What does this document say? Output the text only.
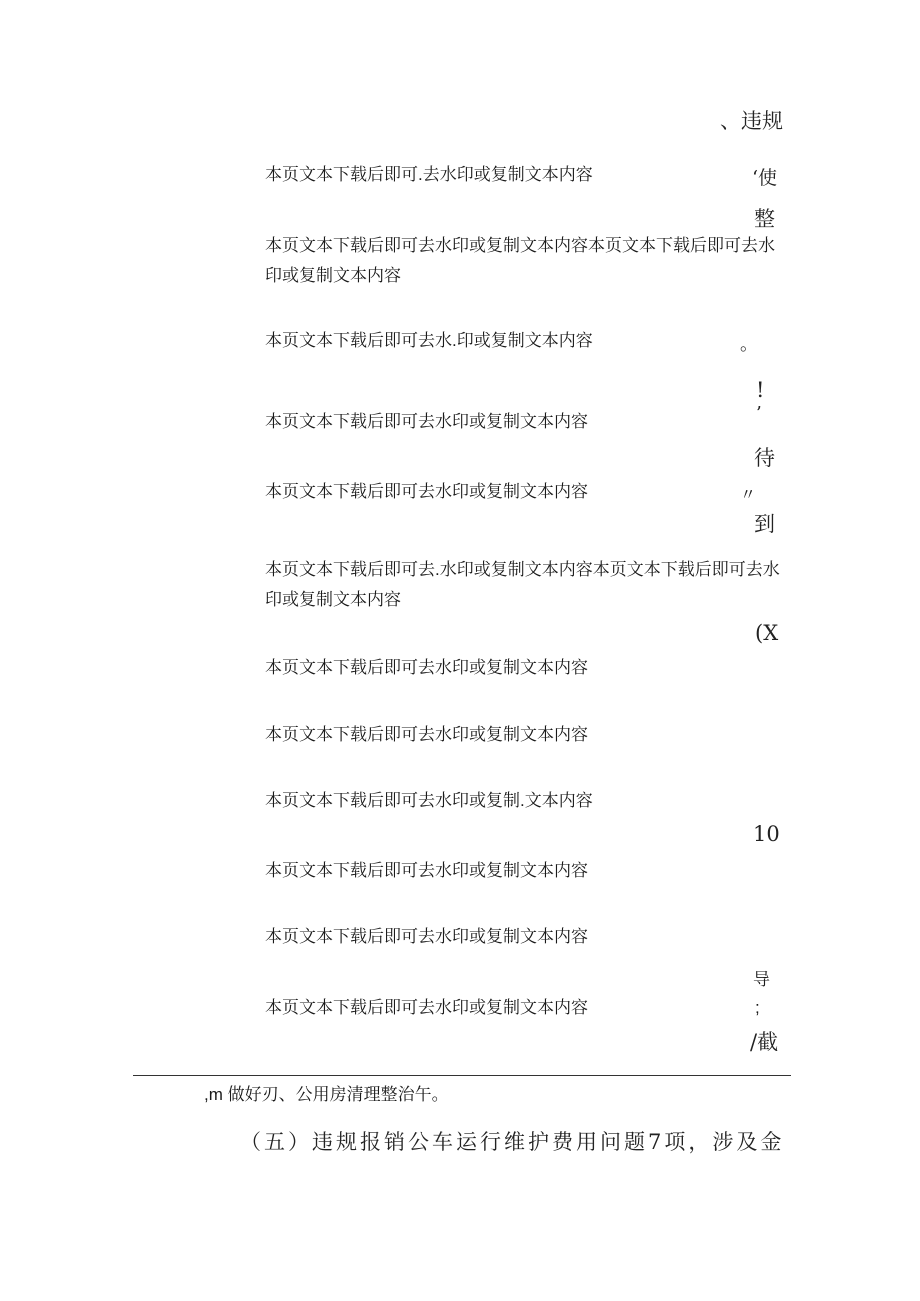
、违规
‘使
整
。
!
’
待
〃
到
(X
10
导
;
/截
本页文本下载后即可.去水印或复制文本内容
本页文本下载后即可去水印或复制文本内容本页文本下载后即可去水印或复制文本内容
本页文本下载后即可去水.印或复制文本内容
本页文本下载后即可去水印或复制文本内容
本页文本下载后即可去水印或复制文本内容
本页文本下载后即可去.水印或复制文本内容本页文本下载后即可去水印或复制文本内容
本页文本下载后即可去水印或复制文本内容
本页文本下载后即可去水印或复制文本内容
本页文本下载后即可去水印或复制.文本内容
本页文本下载后即可去水印或复制文本内容
本页文本下载后即可去水印或复制文本内容
本页文本下载后即可去水印或复制文本内容
,m 做好刃、公用房清理整治午。
（五）违规报销公车运行维护费用问题7项，涉及金
